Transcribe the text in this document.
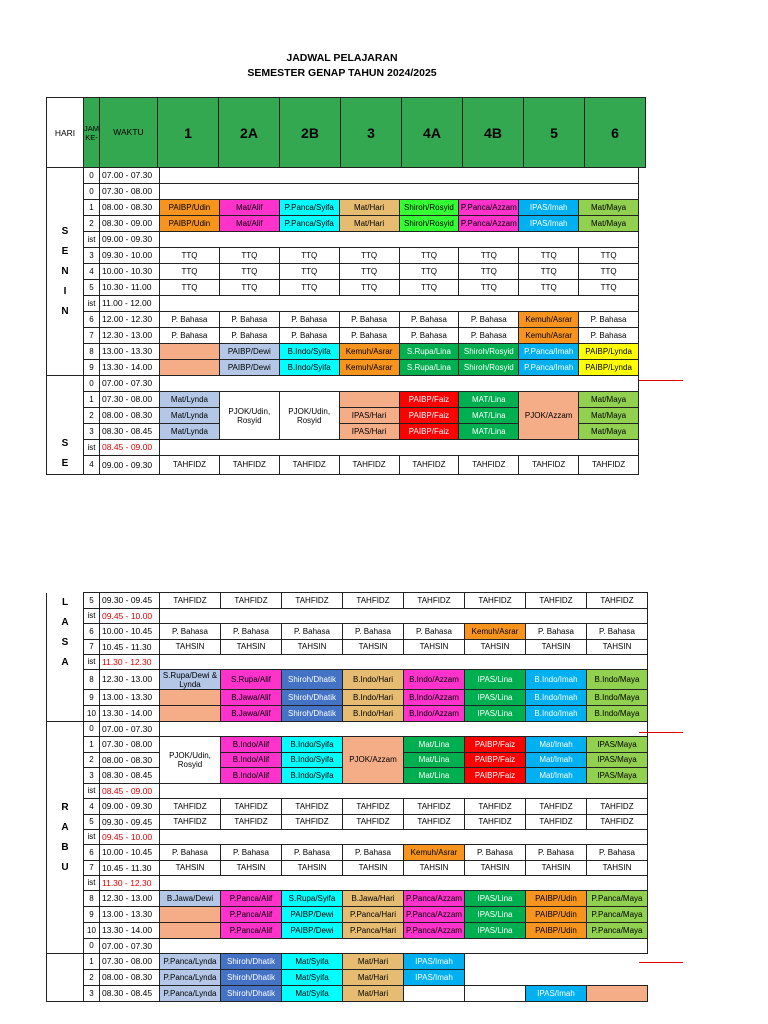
JADWAL PELAJARAN
SEMESTER GENAP TAHUN 2024/2025
HARI	JAM KE-	WAKTU	1	2A	2B	3	4A	4B	5	6
S
E
N
I
N	0	07.00 - 07.30								
	0	07.30 - 08.00								
	1	08.00 - 08.30	PAIBP/Udin	Mat/Alif	P.Panca/Syifa	Mat/Hari	Shiroh/Rosyid	P.Panca/Azzam	IPAS/Imah	Mat/Maya
	2	08.30 - 09.00	PAIBP/Udin	Mat/Alif	P.Panca/Syifa	Mat/Hari	Shiroh/Rosyid	P.Panca/Azzam	IPAS/Imah	Mat/Maya
	ist	09.00 - 09.30								
	3	09.30 - 10.00	TTQ	TTQ	TTQ	TTQ	TTQ	TTQ	TTQ	TTQ
	4	10.00 - 10.30	TTQ	TTQ	TTQ	TTQ	TTQ	TTQ	TTQ	TTQ
	5	10.30 - 11.00	TTQ	TTQ	TTQ	TTQ	TTQ	TTQ	TTQ	TTQ
	ist	11.00 - 12.00								
	6	12.00 - 12.30	P. Bahasa	P. Bahasa	P. Bahasa	P. Bahasa	P. Bahasa	P. Bahasa	Kemuh/Asrar	P. Bahasa
	7	12.30 - 13.00	P. Bahasa	P. Bahasa	P. Bahasa	P. Bahasa	P. Bahasa	P. Bahasa	Kemuh/Asrar	P. Bahasa
	8	13.00 - 13.30		PAIBP/Dewi	B.Indo/Syifa	Kemuh/Asrar	S.Rupa/Lina	Shiroh/Rosyid	P.Panca/Imah	PAIBP/Lynda
	9	13.30 - 14.00		PAIBP/Dewi	B.Indo/Syifa	Kemuh/Asrar	S.Rupa/Lina	Shiroh/Rosyid	P.Panca/Imah	PAIBP/Lynda
S
E	0	07.00 - 07.30								
	1	07.30 - 08.00	Mat/Lynda	PJOK/Udin, Rosyid	PJOK/Udin, Rosyid		PAIBP/Faiz	MAT/Lina	PJOK/Azzam	Mat/Maya
	2	08.00 - 08.30	Mat/Lynda			IPAS/Hari	PAIBP/Faiz	MAT/Lina		Mat/Maya
	3	08.30 - 08.45	Mat/Lynda			IPAS/Hari	PAIBP/Faiz	MAT/Lina		Mat/Maya
	ist	08.45 - 09.00								
	4	09.00 - 09.30	TAHFIDZ	TAHFIDZ	TAHFIDZ	TAHFIDZ	TAHFIDZ	TAHFIDZ	TAHFIDZ	TAHFIDZ
L
A
S
A	5	09.30 - 09.45	TAHFIDZ	TAHFIDZ	TAHFIDZ	TAHFIDZ	TAHFIDZ	TAHFIDZ	TAHFIDZ	TAHFIDZ
	ist	09.45 - 10.00								
	6	10.00 - 10.45	P. Bahasa	P. Bahasa	P. Bahasa	P. Bahasa	P. Bahasa	Kemuh/Asrar	P. Bahasa	P. Bahasa
	7	10.45 - 11.30	TAHSIN	TAHSIN	TAHSIN	TAHSIN	TAHSIN	TAHSIN	TAHSIN	TAHSIN
	ist	11.30 - 12.30								
	8	12.30 - 13.00	S.Rupa/Dewi & Lynda	S.Rupa/Alif	Shiroh/Dhatik	B.Indo/Hari	B.Indo/Azzam	IPAS/Lina	B.Indo/Imah	B.Indo/Maya
	9	13.00 - 13.30		B.Jawa/Alif	Shiroh/Dhatik	B.Indo/Hari	B.Indo/Azzam	IPAS/Lina	B.Indo/Imah	B.Indo/Maya
	10	13.30 - 14.00		B.Jawa/Alif	Shiroh/Dhatik	B.Indo/Hari	B.Indo/Azzam	IPAS/Lina	B.Indo/Imah	B.Indo/Maya
R
A
B
U	0	07.00 - 07.30								
	1	07.30 - 08.00	PJOK/Udin, Rosyid	B.Indo/Alif	B.Indo/Syifa	PJOK/Azzam	Mat/Lina	PAIBP/Faiz	Mat/Imah	IPAS/Maya
	2	08.00 - 08.30		B.Indo/Alif	B.Indo/Syifa		Mat/Lina	PAIBP/Faiz	Mat/Imah	IPAS/Maya
	3	08.30 - 08.45		B.Indo/Alif	B.Indo/Syifa		Mat/Lina	PAIBP/Faiz	Mat/Imah	IPAS/Maya
	ist	08.45 - 09.00								
	4	09.00 - 09.30	TAHFIDZ	TAHFIDZ	TAHFIDZ	TAHFIDZ	TAHFIDZ	TAHFIDZ	TAHFIDZ	TAHFIDZ
	5	09.30 - 09.45	TAHFIDZ	TAHFIDZ	TAHFIDZ	TAHFIDZ	TAHFIDZ	TAHFIDZ	TAHFIDZ	TAHFIDZ
	ist	09.45 - 10.00								
	6	10.00 - 10.45	P. Bahasa	P. Bahasa	P. Bahasa	P. Bahasa	Kemuh/Asrar	P. Bahasa	P. Bahasa	P. Bahasa
	7	10.45 - 11.30	TAHSIN	TAHSIN	TAHSIN	TAHSIN	TAHSIN	TAHSIN	TAHSIN	TAHSIN
	ist	11.30 - 12.30								
	8	12.30 - 13.00	B.Jawa/Dewi	P.Panca/Alif	S.Rupa/Syifa	B.Jawa/Hari	P.Panca/Azzam	IPAS/Lina	PAIBP/Udin	P.Panca/Maya
	9	13.00 - 13.30		P.Panca/Alif	PAIBP/Dewi	P.Panca/Hari	P.Panca/Azzam	IPAS/Lina	PAIBP/Udin	P.Panca/Maya
	10	13.30 - 14.00		P.Panca/Alif	PAIBP/Dewi	P.Panca/Hari	P.Panca/Azzam	IPAS/Lina	PAIBP/Udin	P.Panca/Maya
	0	07.00 - 07.30								
	1	07.30 - 08.00	P.Panca/Lynda	Shiroh/Dhatik	Mat/Syifa	Mat/Hari	IPAS/Imah			
	2	08.00 - 08.30	P.Panca/Lynda	Shiroh/Dhatik	Mat/Syifa	Mat/Hari	IPAS/Imah			
	3	08.30 - 08.45	P.Panca/Lynda	Shiroh/Dhatik	Mat/Syifa	Mat/Hari			IPAS/Imah	
